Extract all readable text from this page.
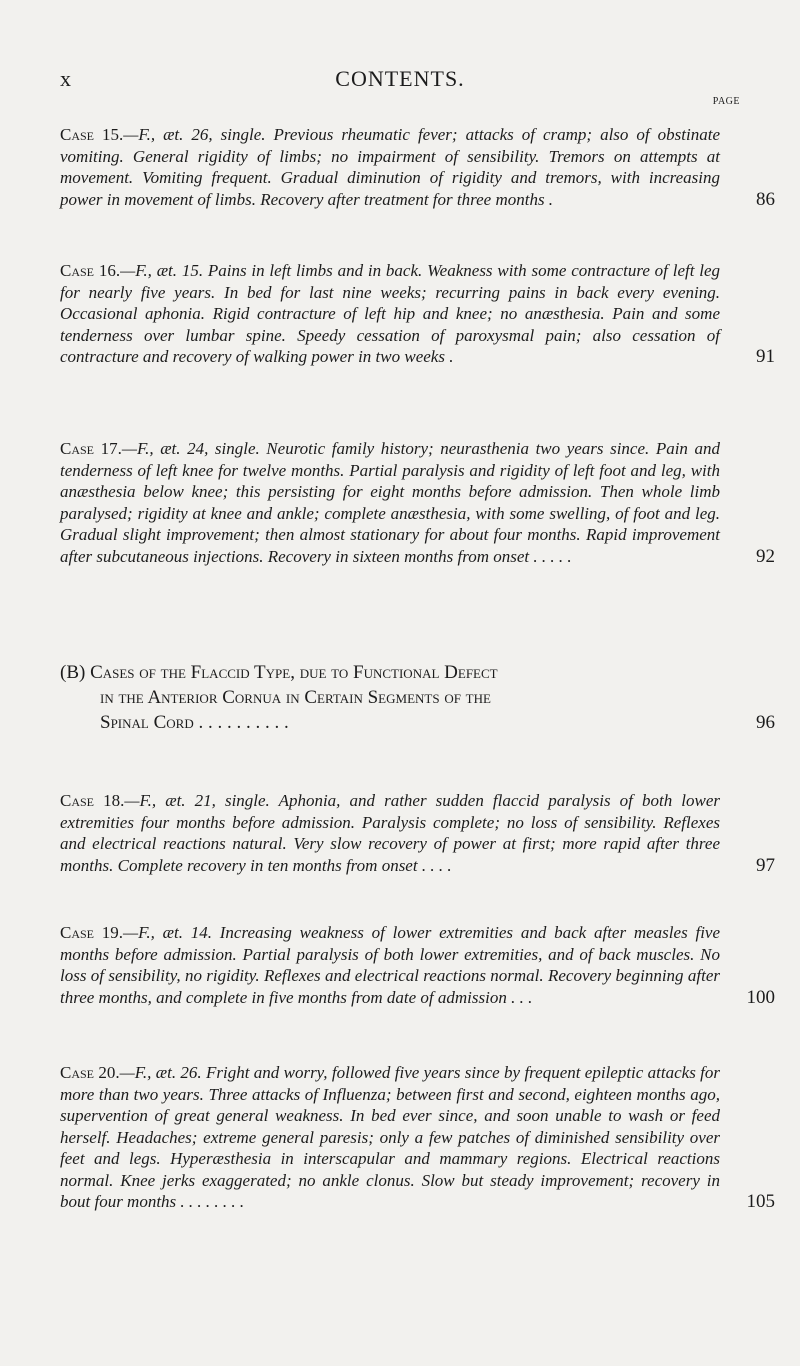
x	CONTENTS.
PAGE
Case 15.—F., æt. 26, single. Previous rheumatic fever; attacks of cramp; also of obstinate vomiting. General rigidity of limbs; no impairment of sensibility. Tremors on attempts at movement. Vomiting frequent. Gradual diminution of rigidity and tremors, with increasing power in movement of limbs. Recovery after treatment for three months .	86
Case 16.—F., æt. 15. Pains in left limbs and in back. Weakness with some contracture of left leg for nearly five years. In bed for last nine weeks; recurring pains in back every evening. Occasional aphonia. Rigid contracture of left hip and knee; no anæsthesia. Pain and some tenderness over lumbar spine. Speedy cessation of paroxysmal pain; also cessation of contracture and recovery of walking power in two weeks .	91
Case 17.—F., æt. 24, single. Neurotic family history; neurasthenia two years since. Pain and tenderness of left knee for twelve months. Partial paralysis and rigidity of left foot and leg, with anæsthesia below knee; this persisting for eight months before admission. Then whole limb paralysed; rigidity at knee and ankle; complete anæsthesia, with some swelling, of foot and leg. Gradual slight improvement; then almost stationary for about four months. Rapid improvement after subcutaneous injections. Recovery in sixteen months from onset . . . . .	92
(B) Cases of the Flaccid Type, due to Functional Defect
in the Anterior Cornua in Certain Segments of the
Spinal Cord . . . . . . . . . .	96
Case 18.—F., æt. 21, single. Aphonia, and rather sudden flaccid paralysis of both lower extremities four months before admission. Paralysis complete; no loss of sensibility. Reflexes and electrical reactions natural. Very slow recovery of power at first; more rapid after three months. Complete recovery in ten months from onset . . . .	97
Case 19.—F., æt. 14. Increasing weakness of lower extremities and back after measles five months before admission. Partial paralysis of both lower extremities, and of back muscles. No loss of sensibility, no rigidity. Reflexes and electrical reactions normal. Recovery beginning after three months, and complete in five months from date of admission . . .	100
Case 20.—F., æt. 26. Fright and worry, followed five years since by frequent epileptic attacks for more than two years. Three attacks of Influenza; between first and second, eighteen months ago, supervention of great general weakness. In bed ever since, and soon unable to wash or feed herself. Headaches; extreme general paresis; only a few patches of diminished sensibility over feet and legs. Hyperæsthesia in interscapular and mammary regions. Electrical reactions normal. Knee jerks exaggerated; no ankle clonus. Slow but steady improvement; recovery in bout four months . . . . . . . .	105
